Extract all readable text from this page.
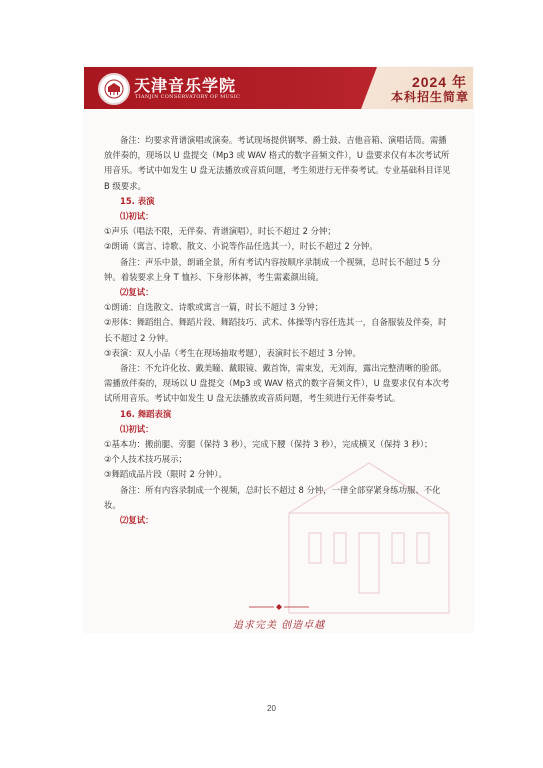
天津音乐学院
TIANJIN CONSERVATORY OF MUSIC
2024 年
本科招生简章

备注：均要求背谱演唱或演奏。考试现场提供钢琴、爵士鼓、吉他音箱、演唱话筒。需播放伴奏的，现场以 U 盘提交（Mp3 或 WAV 格式的数字音频文件），U 盘要求仅有本次考试所用音乐。考试中如发生 U 盘无法播放或音质问题，考生须进行无伴奏考试。专业基础科目详见 B 级要求。

15. 表演

⑴初试：

①声乐（唱法不限，无伴奏、背谱演唱），时长不超过 2 分钟；

②朗诵（寓言、诗歌、散文、小说等作品任选其一），时长不超过 2 分钟。

备注：声乐中景，朗诵全景，所有考试内容按顺序录制成一个视频，总时长不超过 5 分钟。着装要求上身 T 恤衫、下身形体裤，考生需素颜出镜。

⑵复试：

①朗诵：自选散文、诗歌或寓言一篇，时长不超过 3 分钟；

②形体：舞蹈组合、舞蹈片段、舞蹈技巧、武术、体操等内容任选其一，自备服装及伴奏，时长不超过 2 分钟。

③表演：双人小品（考生在现场抽取考题），表演时长不超过 3 分钟。

备注：不允许化妆、戴美瞳、戴眼镜、戴首饰，需束发，无刘海，露出完整清晰的脸部。需播放伴奏的，现场以 U 盘提交（Mp3 或 WAV 格式的数字音频文件），U 盘要求仅有本次考试所用音乐。考试中如发生 U 盘无法播放或音质问题，考生须进行无伴奏考试。

16. 舞蹈表演

⑴初试：

①基本功：搬前腿、旁腿（保持 3 秒），完成下腰（保持 3 秒），完成横叉（保持 3 秒）；

②个人技术技巧展示；

③舞蹈成品片段（限时 2 分钟）。

备注：所有内容录制成一个视频，总时长不超过 8 分钟，一律全部穿紧身练功服、不化妆。

⑵复试：

追求完美 创造卓越
20
